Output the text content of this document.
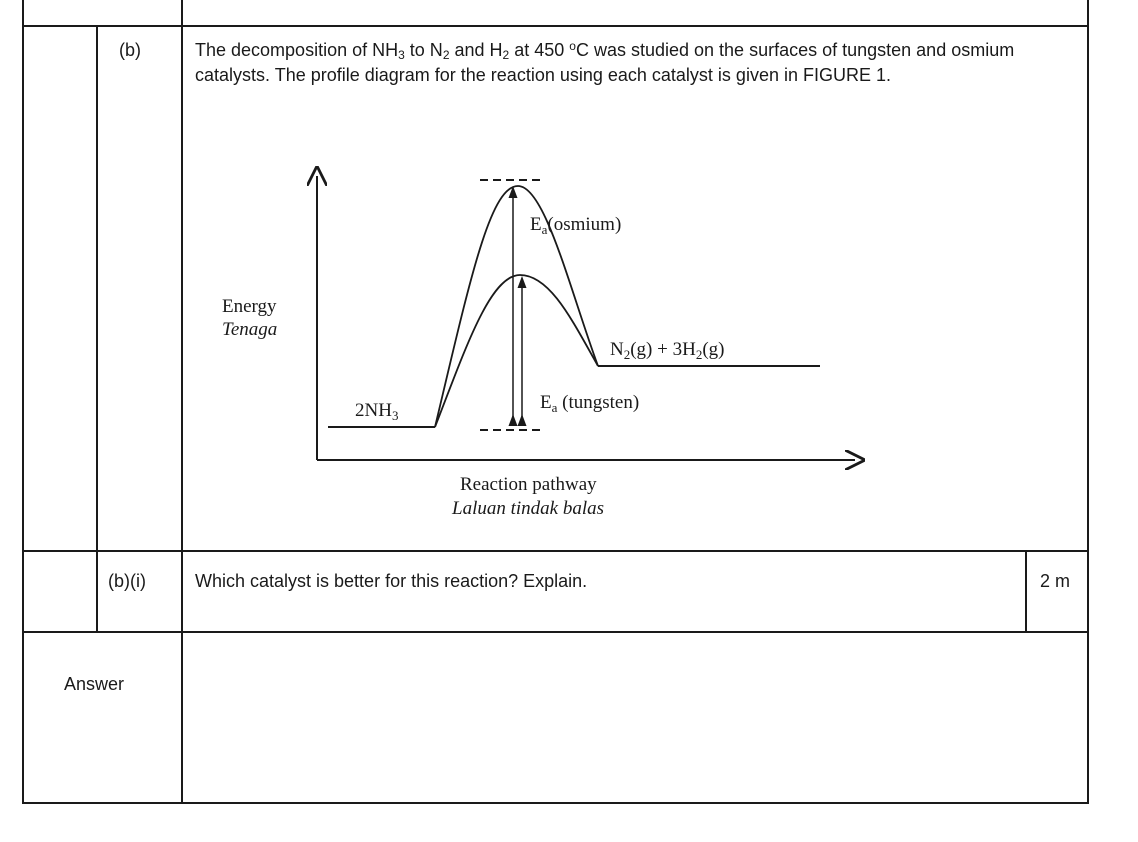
(b)	The decomposition of $NH_3$ to $N_2$ and $H_2$ at 450 $^o$C was studied on the surfaces of tungsten and osmium catalysts. The profile diagram for the reaction using each catalyst is given in FIGURE 1.
Energy
Tenaga
$E_a(osmium)$
$E_a$ (tungsten)
$N_2(g) + 3H_2(g)$
$2NH_3$
Reaction pathway
Laluan tindak balas
(b)(i)	Which catalyst is better for this reaction? Explain.	2 m
Answer
